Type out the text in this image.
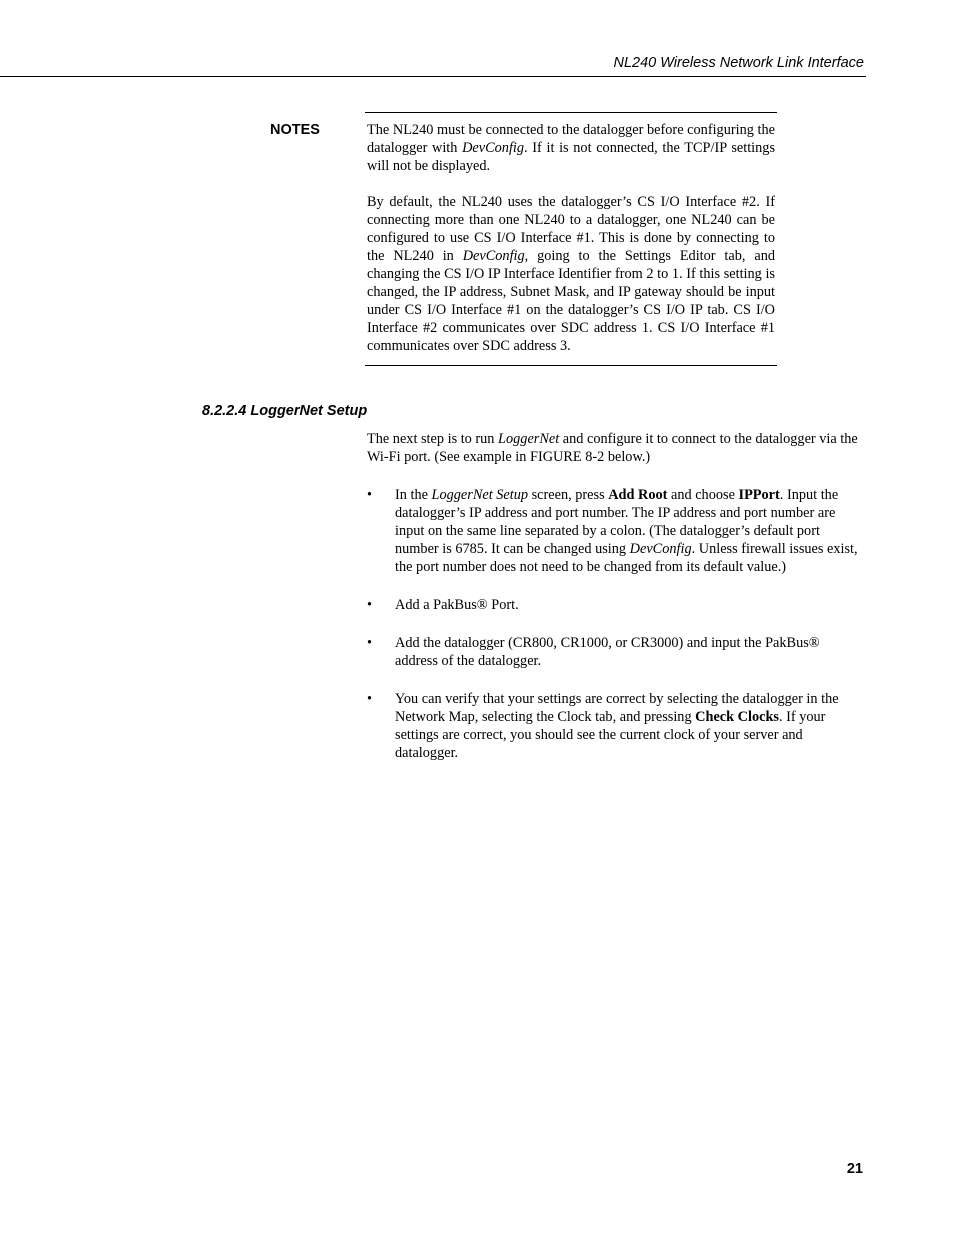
NL240 Wireless Network Link Interface
NOTES	The NL240 must be connected to the datalogger before configuring the datalogger with DevConfig. If it is not connected, the TCP/IP settings will not be displayed.

By default, the NL240 uses the datalogger’s CS I/O Interface #2. If connecting more than one NL240 to a datalogger, one NL240 can be configured to use CS I/O Interface #1. This is done by connecting to the NL240 in DevConfig, going to the Settings Editor tab, and changing the CS I/O IP Interface Identifier from 2 to 1. If this setting is changed, the IP address, Subnet Mask, and IP gateway should be input under CS I/O Interface #1 on the datalogger’s CS I/O IP tab. CS I/O Interface #2 communicates over SDC address 1. CS I/O Interface #1 communicates over SDC address 3.

8.2.2.4 LoggerNet Setup

The next step is to run LoggerNet and configure it to connect to the datalogger via the Wi-Fi port. (See example in FIGURE 8-2 below.)

• In the LoggerNet Setup screen, press Add Root and choose IPPort. Input the datalogger’s IP address and port number. The IP address and port number are input on the same line separated by a colon. (The datalogger’s default port number is 6785. It can be changed using DevConfig. Unless firewall issues exist, the port number does not need to be changed from its default value.)
• Add a PakBus® Port.
• Add the datalogger (CR800, CR1000, or CR3000) and input the PakBus® address of the datalogger.
• You can verify that your settings are correct by selecting the datalogger in the Network Map, selecting the Clock tab, and pressing Check Clocks. If your settings are correct, you should see the current clock of your server and datalogger.
21
